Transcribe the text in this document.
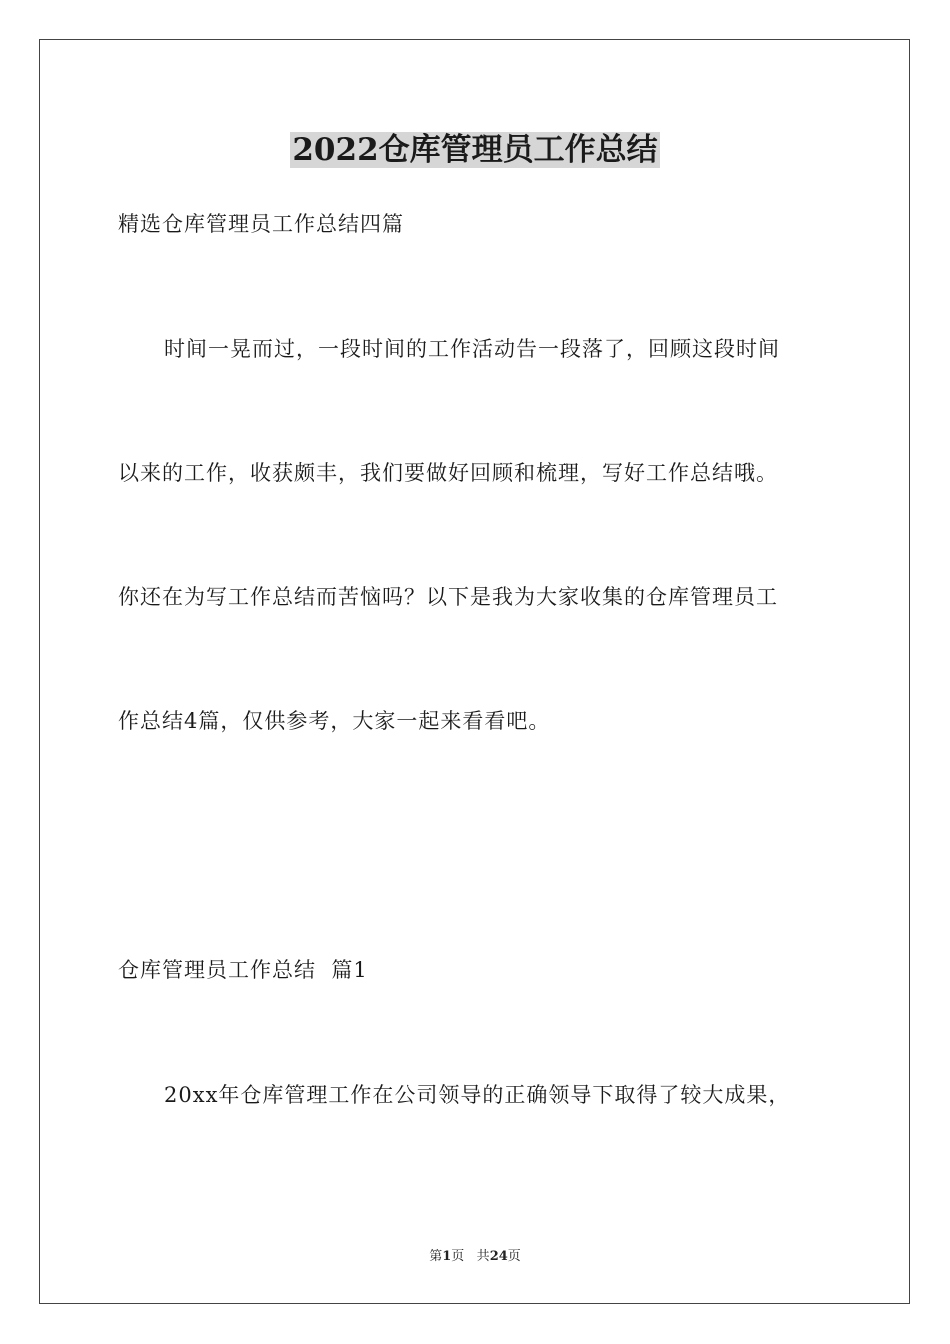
2022仓库管理员工作总结
精选仓库管理员工作总结四篇
时间一晃而过，一段时间的工作活动告一段落了，回顾这段时间
以来的工作，收获颇丰，我们要做好回顾和梳理，写好工作总结哦。
你还在为写工作总结而苦恼吗？以下是我为大家收集的仓库管理员工
作总结4篇，仅供参考，大家一起来看看吧。
仓库管理员工作总结  篇1
20xx年仓库管理工作在公司领导的正确领导下取得了较大成果，
第1页 共24页
